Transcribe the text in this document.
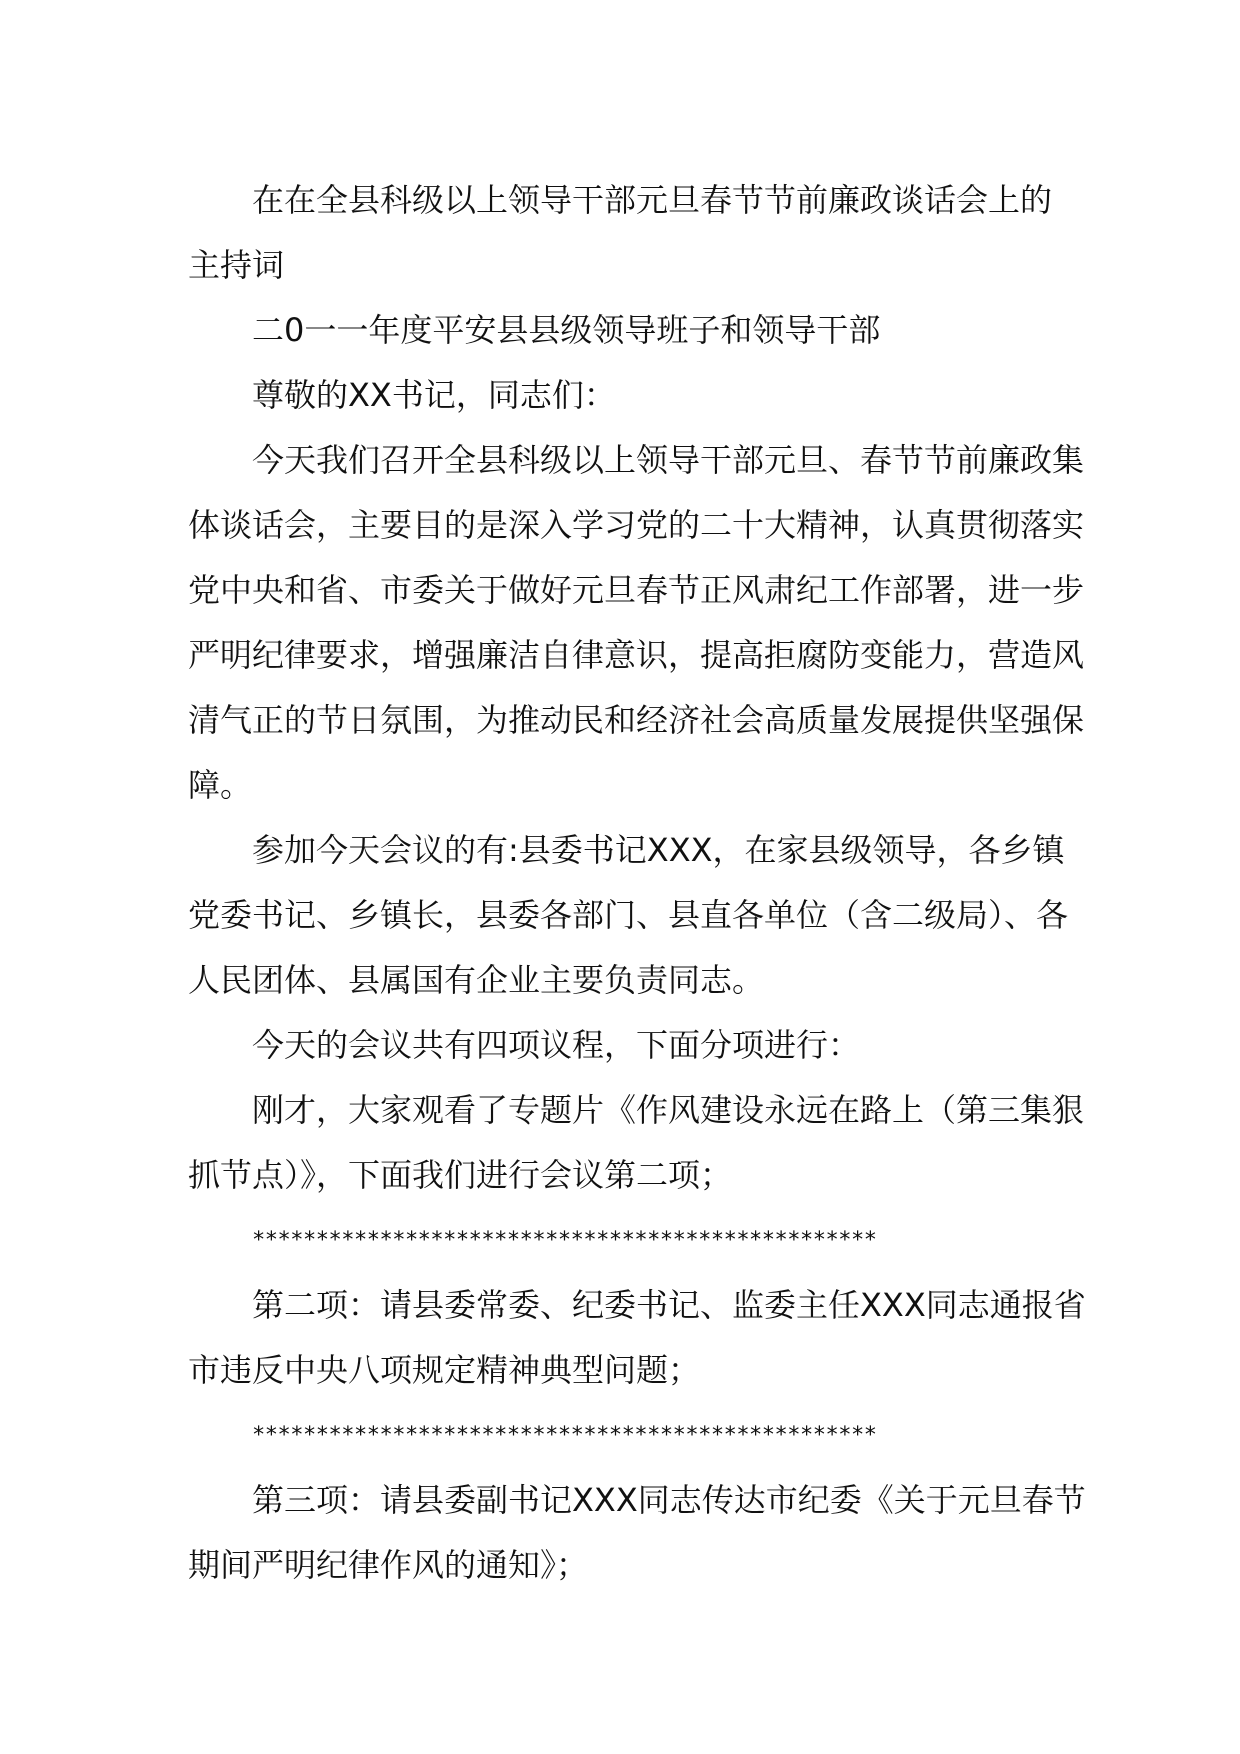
在在全县科级以上领导干部元旦春节节前廉政谈话会上的

主持词

二0一一年度平安县县级领导班子和领导干部

尊敬的XX书记，同志们：

今天我们召开全县科级以上领导干部元旦、春节节前廉政集体谈话会，主要目的是深入学习党的二十大精神，认真贯彻落实党中央和省、市委关于做好元旦春节正风肃纪工作部署，进一步严明纪律要求，增强廉洁自律意识，提高拒腐防变能力，营造风清气正的节日氛围，为推动民和经济社会高质量发展提供坚强保障。

参加今天会议的有:县委书记XXX，在家县级领导，各乡镇党委书记、乡镇长，县委各部门、县直各单位（含二级局）、各人民团体、县属国有企业主要负责同志。

今天的会议共有四项议程，下面分项进行：

刚才，大家观看了专题片《作风建设永远在路上（第三集狠抓节点）》，下面我们进行会议第二项；

*************************************************

第二项：请县委常委、纪委书记、监委主任XXX同志通报省市违反中央八项规定精神典型问题；

*************************************************

第三项：请县委副书记XXX同志传达市纪委《关于元旦春节期间严明纪律作风的通知》；
